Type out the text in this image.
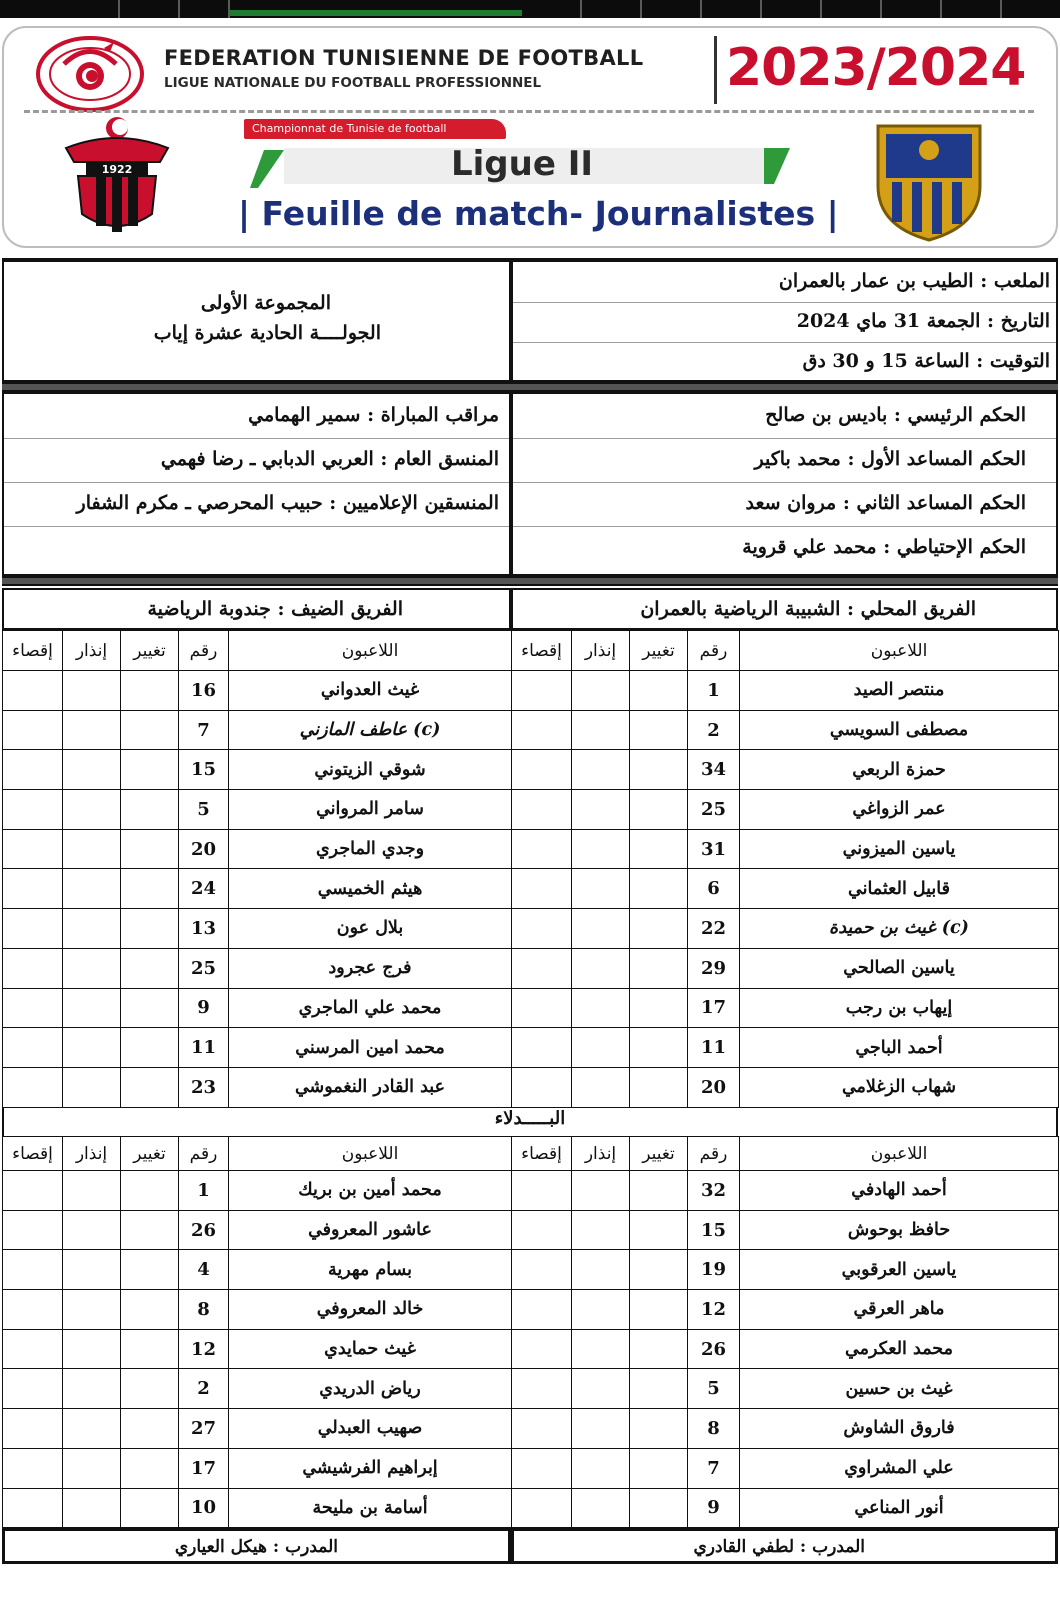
FEDERATION TUNISIENNE DE FOOTBALL
LIGUE NATIONALE DU FOOTBALL PROFESSIONNEL	2023/2024
1922
Championnat de Tunisie de football
Ligue II
| Feuille de match- Journalistes |
المجموعة الأولى
الجولــــة الحادية عشرة إياب
الملعب : الطيب بن عمار بالعمران
التاريخ : الجمعة 31 ماي 2024
التوقيت : الساعة 15 و 30 دق
مراقب المباراة : سمير الهمامي
المنسق العام : العربي الدبابي ـ رضا فهمي
المنسقين الإعلاميين : حبيب المحرصي ـ مكرم الشفار
الحكم الرئيسي : باديس بن صالح
الحكم المساعد الأول : محمد باكير
الحكم المساعد الثاني : مروان سعد
الحكم الإحتياطي : محمد علي قروية
الفريق الضيف : جندوبة الرياضية	الفريق المحلي : الشبيبة الرياضية بالعمران
إقصاء	إنذار	تغيير	رقم	اللاعبون
			16	غيث العدواني
			7	عاطف المازني (c)
			15	شوقي الزيتوني
			5	سامر المرواني
			20	وجدي الماجري
			24	هيثم الخميسي
			13	بلال عون
			25	فرج عجرود
			9	محمد علي الماجري
			11	محمد امين المرسني
			23	عبد القادر النغموشي
إقصاء	إنذار	تغيير	رقم	اللاعبون
			1	منتصر الصيد
			2	مصطفى السويسي
			34	حمزة الربعي
			25	عمر الزواغي
			31	ياسين الميزوني
			6	قابيل العثماني
			22	غيث بن حميدة (c)
			29	ياسين الصالحي
			17	إيهاب بن رجب
			11	أحمد الباجي
			20	شهاب الزغلامي
البـــــدلاء
إقصاء	إنذار	تغيير	رقم	اللاعبون
			1	محمد أمين بن بريك
			26	عاشور المعروفي
			4	بسام مهرية
			8	خالد المعروفي
			12	غيث حمايدي
			2	رياض الدريدي
			27	صهيب العبدلي
			17	إبراهيم الفرشيشي
			10	أسامة بن مليحة
إقصاء	إنذار	تغيير	رقم	اللاعبون
			32	أحمد الهادفي
			15	حافظ بوحوش
			19	ياسين العرقوبي
			12	ماهر العرقي
			26	محمد العكرمي
			5	غيث بن حسين
			8	فاروق الشاوش
			7	علي المشراوي
			9	أنور المناعي
المدرب : هيكل العياري	المدرب : لطفي القادري
